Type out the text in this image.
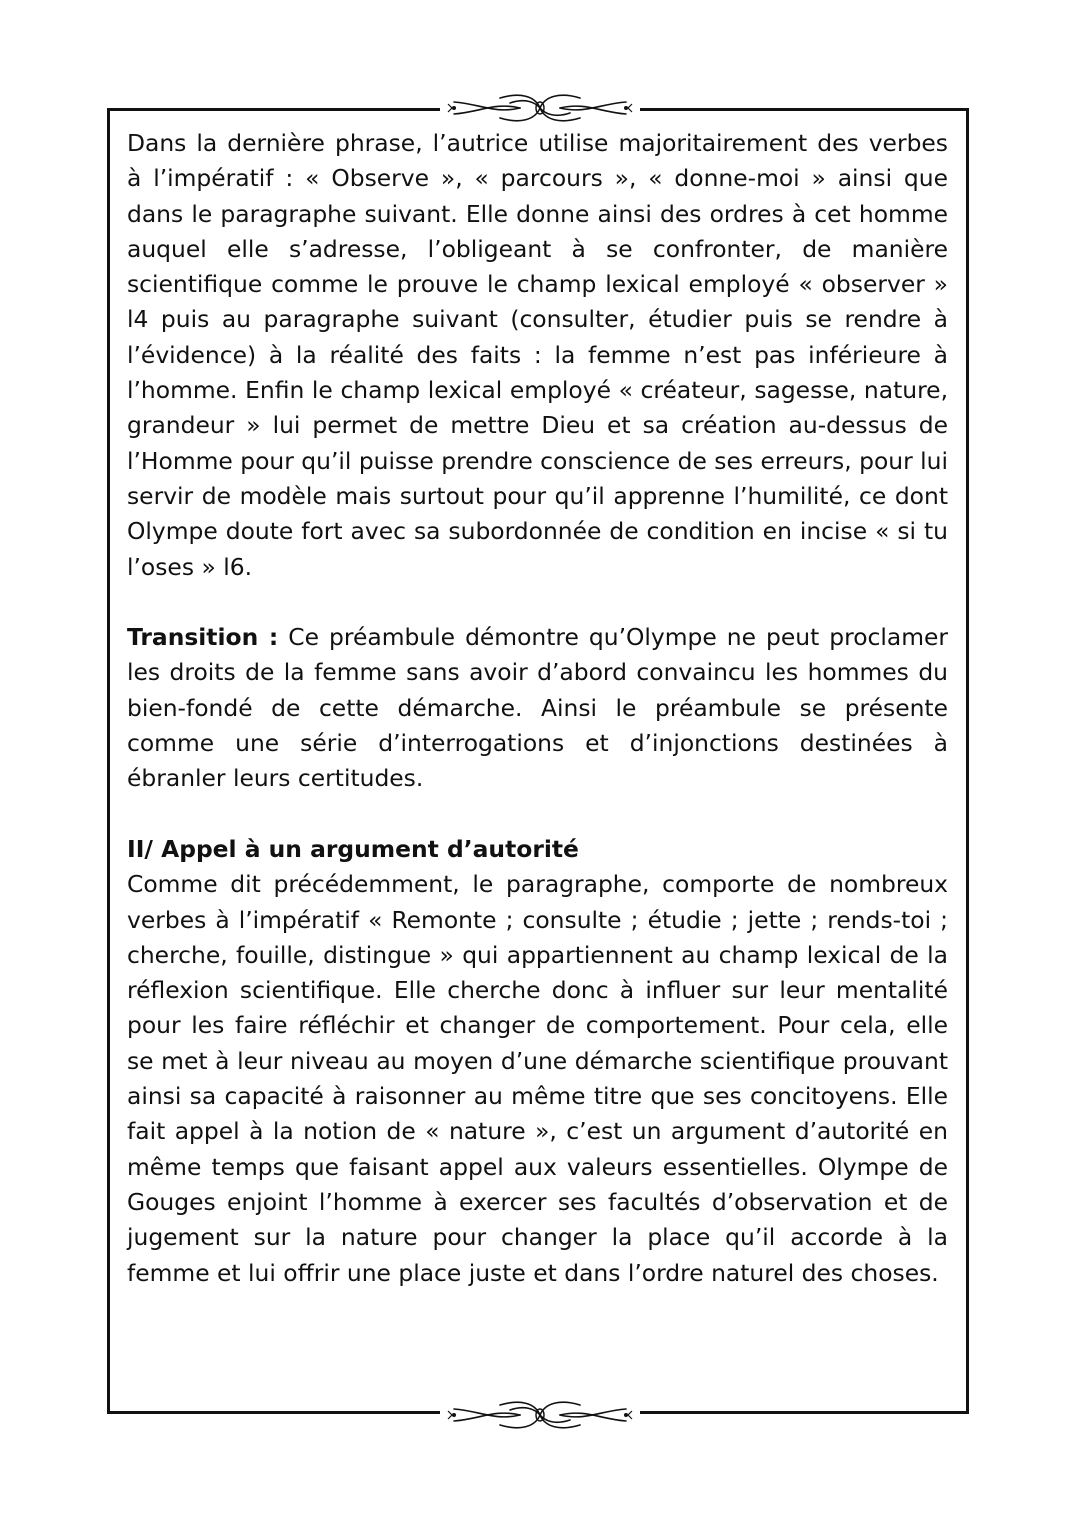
Dans la dernière phrase, l’autrice utilise majoritairement des verbes à l’impératif : « Observe », « parcours », « donne-moi » ainsi que dans le paragraphe suivant. Elle donne ainsi des ordres à cet homme auquel elle s’adresse, l’obligeant à se confronter, de manière scientifique comme le prouve le champ lexical employé « observer » l4 puis au paragraphe suivant (consulter, étudier puis se rendre à l’évidence) à la réalité des faits : la femme n’est pas inférieure à l’homme. Enfin le champ lexical employé « créateur, sagesse, nature, grandeur » lui permet de mettre Dieu et sa création au-dessus de l’Homme pour qu’il puisse prendre conscience de ses erreurs, pour lui servir de modèle mais surtout pour qu’il apprenne l’humilité, ce dont Olympe doute fort avec sa subordonnée de condition en incise « si tu l’oses » l6.

Transition : Ce préambule démontre qu’Olympe ne peut proclamer les droits de la femme sans avoir d’abord convaincu les hommes du bien-fondé de cette démarche. Ainsi le préambule se présente comme une série d’interrogations et d’injonctions destinées à ébranler leurs certitudes.

II/ Appel à un argument d’autorité

Comme dit précédemment, le paragraphe, comporte de nombreux verbes à l’impératif « Remonte ; consulte ; étudie ; jette ; rends-toi ; cherche, fouille, distingue » qui appartiennent au champ lexical de la réflexion scientifique. Elle cherche donc à influer sur leur mentalité pour les faire réfléchir et changer de comportement. Pour cela, elle se met à leur niveau au moyen d’une démarche scientifique prouvant ainsi sa capacité à raisonner au même titre que ses concitoyens. Elle fait appel à la notion de « nature », c’est un argument d’autorité en même temps que faisant appel aux valeurs essentielles. Olympe de Gouges enjoint l’homme à exercer ses facultés d’observation et de jugement sur la nature pour changer la place qu’il accorde à la femme et lui offrir une place juste et dans l’ordre naturel des choses.
